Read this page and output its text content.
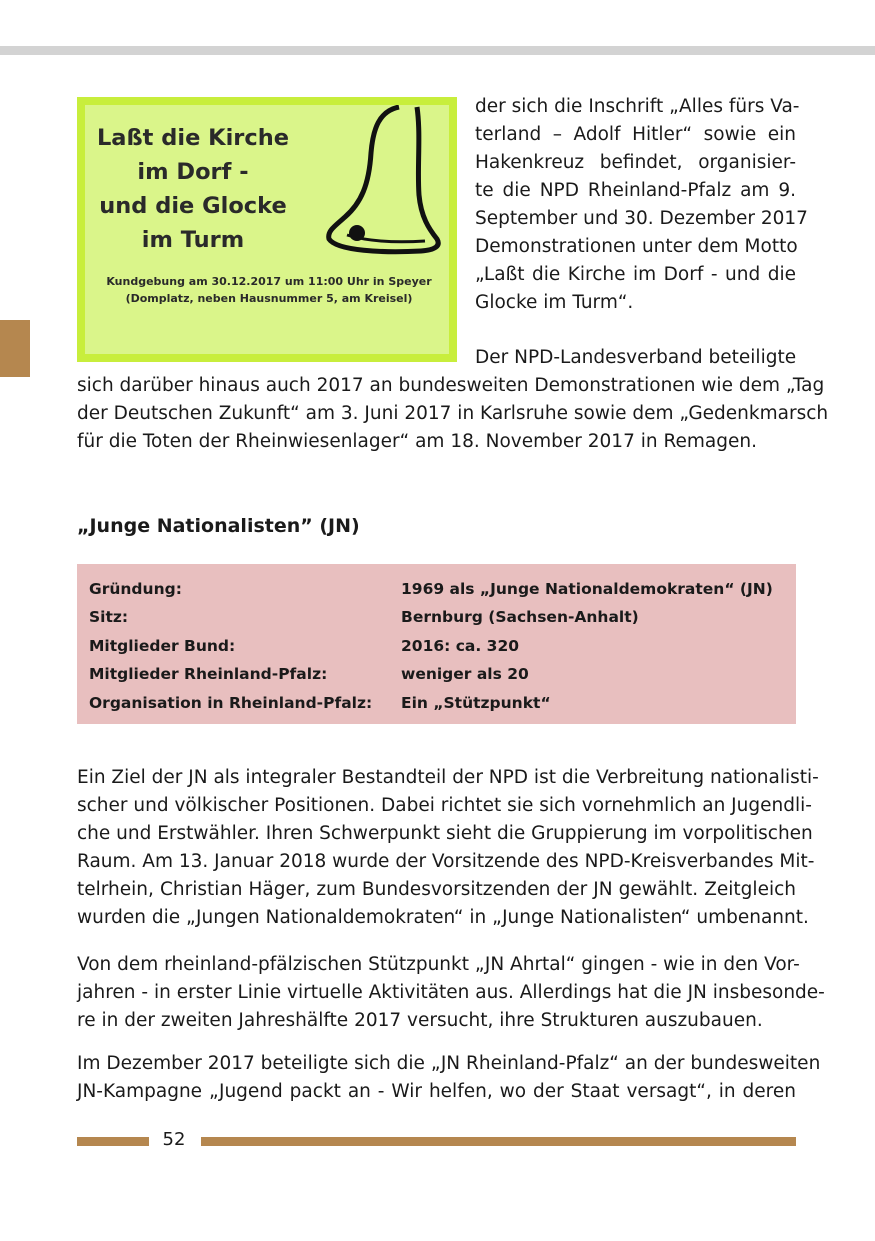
Laßt die Kirche
im Dorf -
und die Glocke
im Turm
Kundgebung am 30.12.2017 um 11:00 Uhr in Speyer
(Domplatz, neben Hausnummer 5, am Kreisel)
der sich die Inschrift „Alles fürs Va-
terland – Adolf Hitler“ sowie ein
Hakenkreuz befindet, organisier-
te die NPD Rheinland-Pfalz am 9.
September und 30. Dezember 2017
Demonstrationen unter dem Motto
„Laßt die Kirche im Dorf - und die
Glocke im Turm“.
Der NPD-Landesverband beteiligte
sich darüber hinaus auch 2017 an bundesweiten Demonstrationen wie dem „Tag
der Deutschen Zukunft“ am 3. Juni 2017 in Karlsruhe sowie dem „Gedenkmarsch
für die Toten der Rheinwiesenlager“ am 18. November 2017 in Remagen.
„Junge Nationalisten” (JN)
Gründung:	1969 als „Junge Nationaldemokraten“ (JN)
Sitz:	Bernburg (Sachsen-Anhalt)
Mitglieder Bund:	2016: ca. 320
Mitglieder Rheinland-Pfalz:	weniger als 20
Organisation in Rheinland-Pfalz: Ein „Stützpunkt“
Ein Ziel der JN als integraler Bestandteil der NPD ist die Verbreitung nationalisti-
scher und völkischer Positionen. Dabei richtet sie sich vornehmlich an Jugendli-
che und Erstwähler. Ihren Schwerpunkt sieht die Gruppierung im vorpolitischen
Raum. Am 13. Januar 2018 wurde der Vorsitzende des NPD-Kreisverbandes Mit-
telrhein, Christian Häger, zum Bundesvorsitzenden der JN gewählt. Zeitgleich
wurden die „Jungen Nationaldemokraten“ in „Junge Nationalisten“ umbenannt.
Von dem rheinland-pfälzischen Stützpunkt „JN Ahrtal“ gingen - wie in den Vor-
jahren - in erster Linie virtuelle Aktivitäten aus. Allerdings hat die JN insbesonde-
re in der zweiten Jahreshälfte 2017 versucht, ihre Strukturen auszubauen.
Im Dezember 2017 beteiligte sich die „JN Rheinland-Pfalz“ an der bundesweiten
JN-Kampagne „Jugend packt an - Wir helfen, wo der Staat versagt“, in deren
52
